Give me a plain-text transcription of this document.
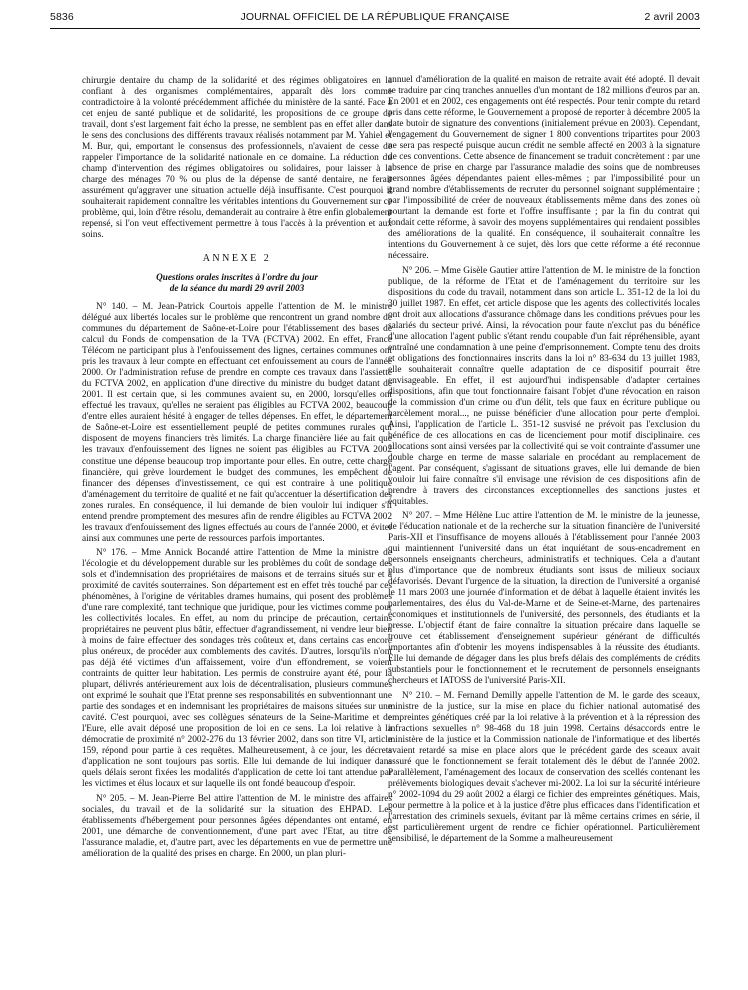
5836	JOURNAL OFFICIEL DE LA RÉPUBLIQUE FRANÇAISE	2 avril 2003

chirurgie dentaire du champ de la solidarité et des régimes obligatoires en la confiant à des organismes complémentaires, apparaît dès lors comme contradictoire à la volonté précédemment affichée du ministère de la santé. Face à cet enjeu de santé publique et de solidarité, les propositions de ce groupe de travail, dont s'est largement fait écho la presse, ne semblent pas en effet aller dans le sens des conclusions des différents travaux réalisés notamment par M. Yahiel et M. Bur, qui, emportant le consensus des professionnels, n'avaient de cesse de rappeler l'importance de la solidarité nationale en ce domaine. La réduction du champ d'intervention des régimes obligatoires ou solidaires, pour laisser à la charge des ménages 70 % ou plus de la dépense de santé dentaire, ne ferait assurément qu'aggraver une situation actuelle déjà insuffisante. C'est pourquoi il souhaiterait rapidement connaître les véritables intentions du Gouvernement sur ce problème, qui, loin d'être résolu, demanderait au contraire à être enfin globalement repensé, si l'on veut effectivement permettre à tous l'accès à la prévention et aux soins.

ANNEXE 2

Questions orales inscrites à l'ordre du jour

de la séance du mardi 29 avril 2003

N° 140. – M. Jean-Patrick Courtois appelle l'attention de M. le ministre délégué aux libertés locales sur le problème que rencontrent un grand nombre de communes du département de Saône-et-Loire pour l'établissement des bases de calcul du Fonds de compensation de la TVA (FCTVA) 2002. En effet, France Télécom ne participant plus à l'enfouissement des lignes, certaines communes ont pris les travaux à leur compte en effectuant cet enfouissement au cours de l'année 2000. Or l'administration refuse de prendre en compte ces travaux dans l'assiette du FCTVA 2002, en application d'une directive du ministre du budget datant de 2001. Il est certain que, si les communes avaient su, en 2000, lorsqu'elles ont effectué les travaux, qu'elles ne seraient pas éligibles au FCTVA 2002, beaucoup d'entre elles auraient hésité à engager de telles dépenses. En effet, le département de Saône-et-Loire est essentiellement peuplé de petites communes rurales qui disposent de moyens financiers très limités. La charge financière liée au fait que les travaux d'enfouissement des lignes ne soient pas éligibles au FCTVA 2002 constitue une dépense beaucoup trop importante pour elles. En outre, cette charge financière, qui grève lourdement le budget des communes, les empêchent de financer des dépenses d'investissement, ce qui est contraire à une politique d'aménagement du territoire de qualité et ne fait qu'accentuer la désertification des zones rurales. En conséquence, il lui demande de bien vouloir lui indiquer s'il entend prendre promptement des mesures afin de rendre éligibles au FCTVA 2002 les travaux d'enfouissement des lignes effectués au cours de l'année 2000, et éviter ainsi aux communes une perte de ressources parfois importantes.

N° 176. – Mme Annick Bocandé attire l'attention de Mme la ministre de l'écologie et du développement durable sur les problèmes du coût de sondage des sols et d'indemnisation des propriétaires de maisons et de terrains situés sur et à proximité de cavités souterraines. Son département est en effet très touché par ces phénomènes, à l'origine de véritables drames humains, qui posent des problèmes d'une rare complexité, tant technique que juridique, pour les victimes comme pour les collectivités locales. En effet, au nom du principe de précaution, certains propriétaires ne peuvent plus bâtir, effectuer d'agrandissement, ni vendre leur bien à moins de faire effectuer des sondages très coûteux et, dans certains cas encore plus onéreux, de procéder aux comblements des cavités. D'autres, lorsqu'ils n'ont pas déjà été victimes d'un affaissement, voire d'un effondrement, se voient contraints de quitter leur habitation. Les permis de construire ayant été, pour la plupart, délivrés antérieurement aux lois de décentralisation, plusieurs communes ont exprimé le souhait que l'Etat prenne ses responsabilités en subventionnant une partie des sondages et en indemnisant les propriétaires de maisons situées sur une cavité. C'est pourquoi, avec ses collègues sénateurs de la Seine-Maritime et de l'Eure, elle avait déposé une proposition de loi en ce sens. La loi relative à la démocratie de proximité n° 2002-276 du 13 février 2002, dans son titre VI, article 159, répond pour partie à ces requêtes. Malheureusement, à ce jour, les décrets d'application ne sont toujours pas sortis. Elle lui demande de lui indiquer dans quels délais seront fixées les modalités d'application de cette loi tant attendue par les victimes et élus locaux et sur laquelle ils ont fondé beaucoup d'espoir.

N° 205. – M. Jean-Pierre Bel attire l'attention de M. le ministre des affaires sociales, du travail et de la solidarité sur la situation des EHPAD. Les établissements d'hébergement pour personnes âgées dépendantes ont entamé, en 2001, une démarche de conventionnement, d'une part avec l'Etat, au titre de l'assurance maladie, et, d'autre part, avec les départements en vue de permettre une amélioration de la qualité des prises en charge. En 2000, un plan pluri-

annuel d'amélioration de la qualité en maison de retraite avait été adopté. Il devait se traduire par cinq tranches annuelles d'un montant de 182 millions d'euros par an. En 2001 et en 2002, ces engagements ont été respectés. Pour tenir compte du retard pris dans cette réforme, le Gouvernement a proposé de reporter à décembre 2005 la date butoir de signature des conventions (initialement prévue en 2003). Cependant, l'engagement du Gouvernement de signer 1 800 conventions tripartites pour 2003 ne sera pas respecté puisque aucun crédit ne semble affecté en 2003 à la signature de ces conventions. Cette absence de financement se traduit concrètement : par une absence de prise en charge par l'assurance maladie des soins que de nombreuses personnes âgées dépendantes paient elles-mêmes ; par l'impossibilité pour un grand nombre d'établissements de recruter du personnel soignant supplémentaire ; par l'impossibilité de créer de nouveaux établissements même dans des zones où pourtant la demande est forte et l'offre insuffisante ; par la fin du contrat qui fondait cette réforme, à savoir des moyens supplémentaires qui rendaient possibles des améliorations de la qualité. En conséquence, il souhaiterait connaître les intentions du Gouvernement à ce sujet, dès lors que cette réforme a été reconnue nécessaire.

N° 206. – Mme Gisèle Gautier attire l'attention de M. le ministre de la fonction publique, de la réforme de l'Etat et de l'aménagement du territoire sur les dispositions du code du travail, notamment dans son article L. 351-12 de la loi du 30 juillet 1987. En effet, cet article dispose que les agents des collectivités locales ont droit aux allocations d'assurance chômage dans les conditions prévues pour les salariés du secteur privé. Ainsi, la révocation pour faute n'exclut pas du bénéfice d'une allocation l'agent public s'étant rendu coupable d'un fait répréhensible, ayant entraîné une condamnation à une peine d'emprisonnement. Compte tenu des droits et obligations des fonctionnaires inscrits dans la loi n° 83-634 du 13 juillet 1983, elle souhaiterait connaître quelle adaptation de ce dispositif pourrait être envisageable. En effet, il est aujourd'hui indispensable d'adapter certaines dispositions, afin que tout fonctionnaire faisant l'objet d'une révocation en raison de la commission d'un crime ou d'un délit, tels que faux en écriture publique ou harcèlement moral..., ne puisse bénéficier d'une allocation pour perte d'emploi. Ainsi, l'application de l'article L. 351-12 susvisé ne prévoit pas l'exclusion du bénéfice de ces allocations en cas de licenciement pour motif disciplinaire. ces allocations sont ainsi versées par la collectivité qui se voit contrainte d'assumer une double charge en terme de masse salariale en procédant au remplacement de l'agent. Par conséquent, s'agissant de situations graves, elle lui demande de bien vouloir lui faire connaître s'il envisage une révision de ces dispositions afin de prendre à travers des circonstances exceptionnelles des sanctions justes et équitables.

N° 207. – Mme Hélène Luc attire l'attention de M. le ministre de la jeunesse, de l'éducation nationale et de la recherche sur la situation financière de l'université Paris-XII et l'insuffisance de moyens alloués à l'établissement pour l'année 2003 qui maintiennent l'université dans un état inquiétant de sous-encadrement en personnels enseignants chercheurs, administratifs et techniques. Cela a d'autant plus d'importance que de nombreux étudiants sont issus de milieux sociaux défavorisés. Devant l'urgence de la situation, la direction de l'université a organisé le 11 mars 2003 une journée d'information et de débat à laquelle étaient invités les parlementaires, des élus du Val-de-Marne et de Seine-et-Marne, des partenaires économiques et institutionnels de l'université, des personnels, des étudiants et la presse. L'objectif étant de faire connaître la situation précaire dans laquelle se trouve cet établissement d'enseignement supérieur générant de difficultés importantes afin d'obtenir les moyens indispensables à la réussite des étudiants. Elle lui demande de dégager dans les plus brefs délais des compléments de crédits substantiels pour le fonctionnement et le recrutement de personnels enseignants chercheurs et IATOSS de l'université Paris-XII.

N° 210. – M. Fernand Demilly appelle l'attention de M. le garde des sceaux, ministre de la justice, sur la mise en place du fichier national automatisé des empreintes génétiques créé par la loi relative à la prévention et à la répression des infractions sexuelles n° 98-468 du 18 juin 1998. Certains désaccords entre le ministère de la justice et la Commission nationale de l'informatique et des libertés avaient retardé sa mise en place alors que le précédent garde des sceaux avait assuré que le fonctionnement se ferait totalement dès le début de l'année 2002. Parallèlement, l'aménagement des locaux de conservation des scellés contenant les prélèvements biologiques devait s'achever mi-2002. La loi sur la sécurité intérieure n° 2002-1094 du 29 août 2002 a élargi ce fichier des empreintes génétiques. Mais, pour permettre à la police et à la justice d'être plus efficaces dans l'identification et l'arrestation des criminels sexuels, évitant par là même certains crimes en série, il est particulièrement urgent de rendre ce fichier opérationnel. Particulièrement sensibilisé, le département de la Somme a malheureusement
